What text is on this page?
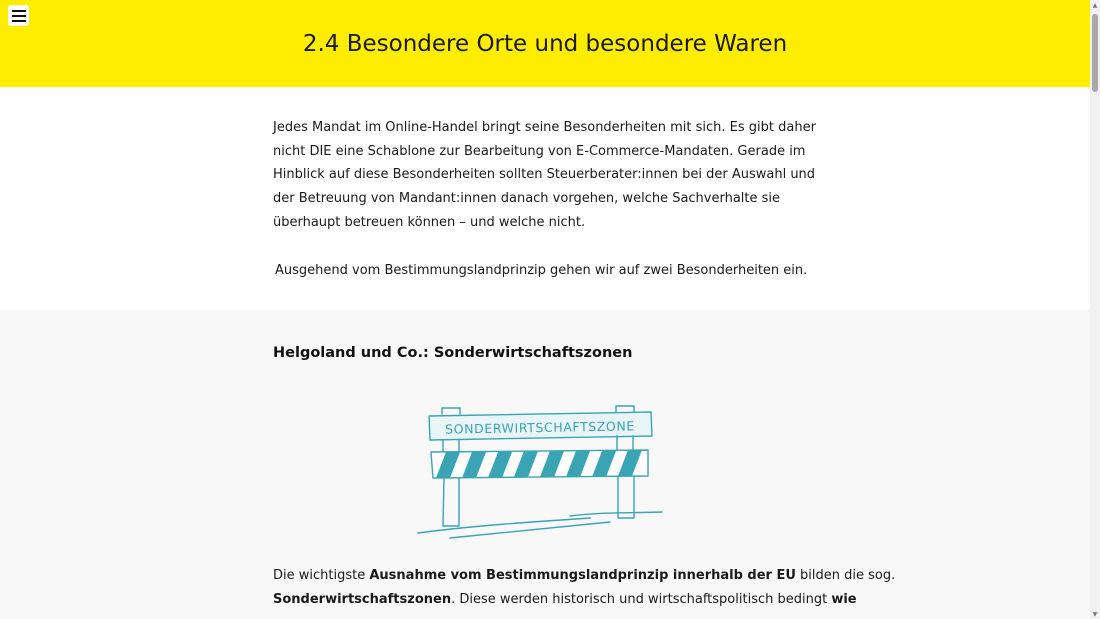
2.4 Besondere Orte und besondere Waren

Jedes Mandat im Online-Handel bringt seine Besonderheiten mit sich. Es gibt daher nicht DIE eine Schablone zur Bearbeitung von E-Commerce-Mandaten. Gerade im Hinblick auf diese Besonderheiten sollten Steuerberater:innen bei der Auswahl und der Betreuung von Mandant:innen danach vorgehen, welche Sachverhalte sie überhaupt betreuen können – und welche nicht.

Ausgehend vom Bestimmungslandprinzip gehen wir auf zwei Besonderheiten ein.

Helgoland und Co.: Sonderwirtschaftszonen
SONDERWIRTSCHAFTSZONE

Die wichtigste Ausnahme vom Bestimmungslandprinzip innerhalb der EU bilden die sog.
Sonderwirtschaftszonen. Diese werden historisch und wirtschaftspolitisch bedingt wie

▲
▼
